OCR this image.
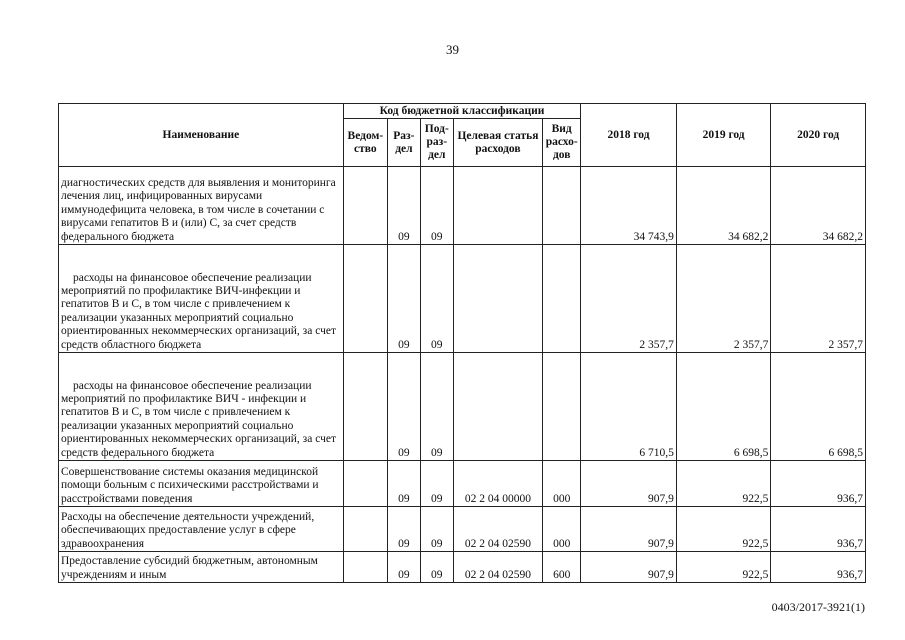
39
Наименование	Код бюджетной классификации					2018 год	2019 год	2020 год
	Ведом-ство	Раз-дел	Под-раз-дел	Целевая статья расходов	Вид расхо-дов			
диагностических средств для выявления и мониторинга лечения лиц, инфицированных вирусами иммунодефицита человека, в том числе в сочетании с вирусами гепатитов B и (или) C, за счет средств федерального бюджета		09	09			34 743,9	34 682,2	34 682,2
расходы на финансовое обеспечение реализации мероприятий по профилактике ВИЧ-инфекции и гепатитов B и C, в том числе с привлечением к реализации указанных мероприятий социально ориентированных некоммерческих организаций, за счет средств областного бюджета		09	09			2 357,7	2 357,7	2 357,7
расходы на финансовое обеспечение реализации мероприятий по профилактике ВИЧ - инфекции и гепатитов B и C, в том числе с привлечением к реализации указанных мероприятий социально ориентированных некоммерческих организаций, за счет средств федерального бюджета		09	09			6 710,5	6 698,5	6 698,5
Совершенствование системы оказания медицинской помощи больным с психическими расстройствами и расстройствами поведения		09	09	02 2 04 00000	000	907,9	922,5	936,7
Расходы на обеспечение деятельности учреждений, обеспечивающих предоставление услуг в сфере здравоохранения		09	09	02 2 04 02590	000	907,9	922,5	936,7
Предоставление субсидий бюджетным, автономным учреждениям и иным		09	09	02 2 04 02590	600	907,9	922,5	936,7
0403/2017-3921(1)
